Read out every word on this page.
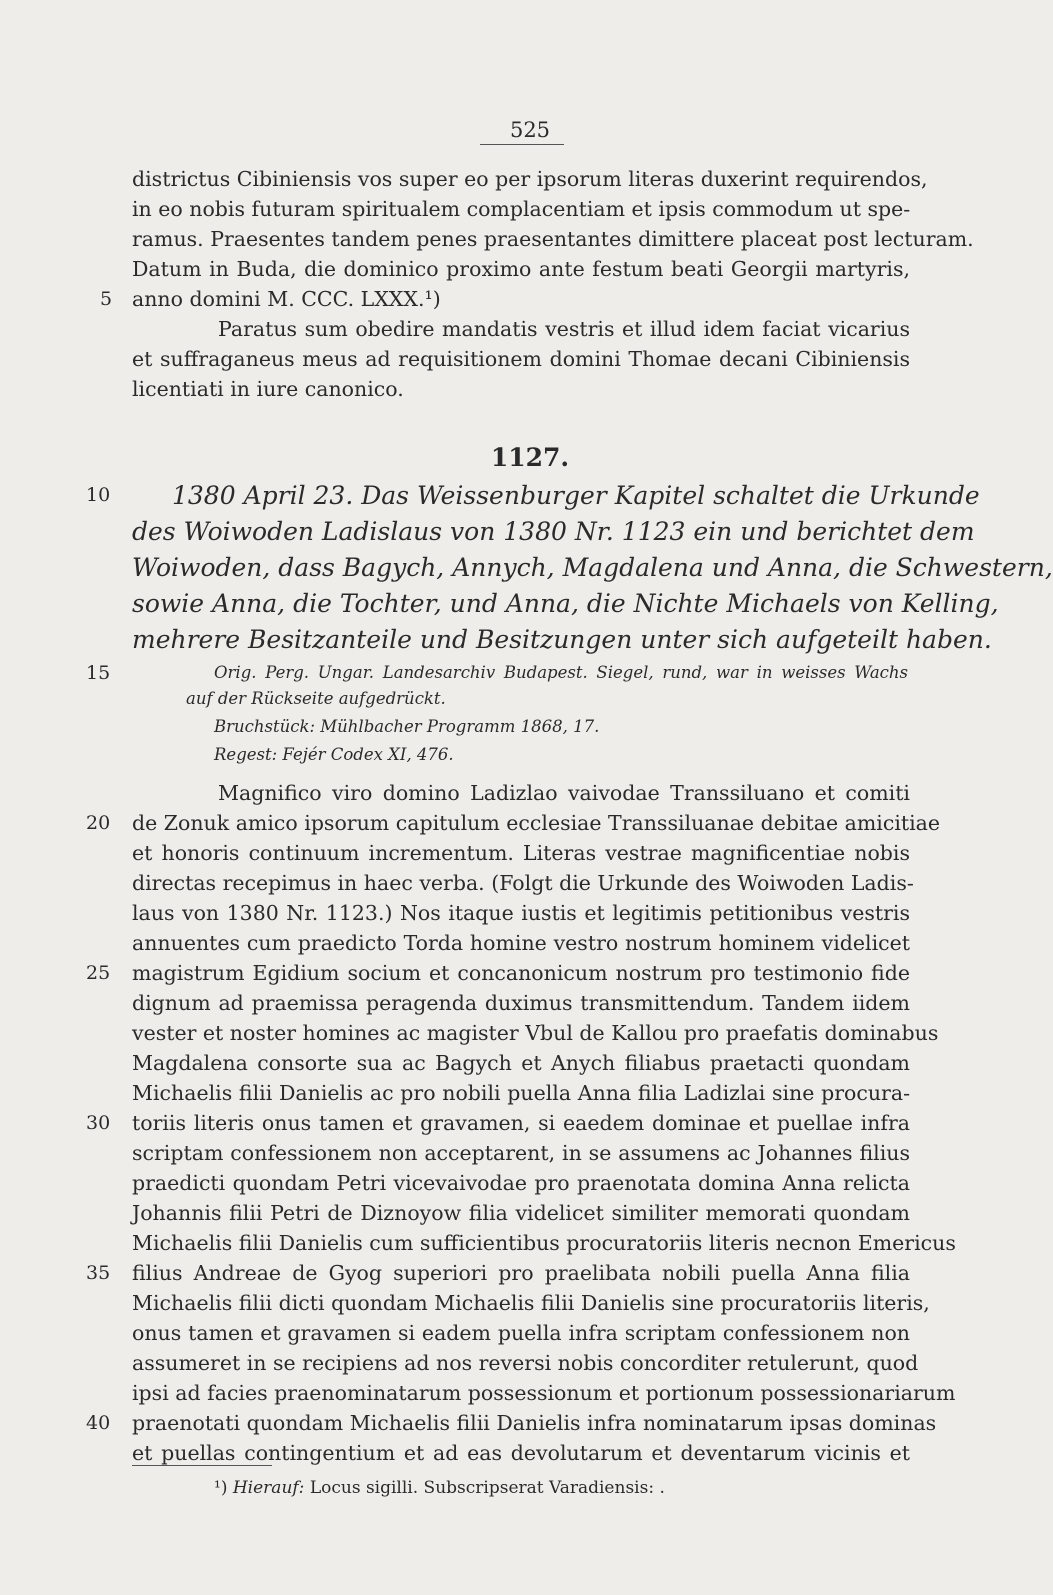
525
districtus Cibiniensis vos super eo per ipsorum literas duxerint requirendos,
in eo nobis futuram spiritualem complacentiam et ipsis commodum ut spe-
ramus. Praesentes tandem penes praesentantes dimittere placeat post lecturam.
Datum in Buda, die dominico proximo ante festum beati Georgii martyris,
anno domini M. CCC. LXXX.¹)
Paratus sum obedire mandatis vestris et illud idem faciat vicarius
et suffraganeus meus ad requisitionem domini Thomae decani Cibiniensis
licentiati in iure canonico.
1127.
1380 April 23. Das Weissenburger Kapitel schaltet die Urkunde
des Woiwoden Ladislaus von 1380 Nr. 1123 ein und berichtet dem
Woiwoden, dass Bagych, Annych, Magdalena und Anna, die Schwestern,
sowie Anna, die Tochter, und Anna, die Nichte Michaels von Kelling,
mehrere Besitzanteile und Besitzungen unter sich aufgeteilt haben.
Orig. Perg. Ungar. Landesarchiv Budapest. Siegel, rund, war in weisses Wachs
auf der Rückseite aufgedrückt.
Bruchstück: Mühlbacher Programm 1868, 17.
Regest: Fejér Codex XI, 476.
Magnifico viro domino Ladizlao vaivodae Transsiluano et comiti
de Zonuk amico ipsorum capitulum ecclesiae Transsiluanae debitae amicitiae
et honoris continuum incrementum. Literas vestrae magnificentiae nobis
directas recepimus in haec verba. (Folgt die Urkunde des Woiwoden Ladis-
laus von 1380 Nr. 1123.) Nos itaque iustis et legitimis petitionibus vestris
annuentes cum praedicto Torda homine vestro nostrum hominem videlicet
magistrum Egidium socium et concanonicum nostrum pro testimonio fide
dignum ad praemissa peragenda duximus transmittendum. Tandem iidem
vester et noster homines ac magister Vbul de Kallou pro praefatis dominabus
Magdalena consorte sua ac Bagych et Anych filiabus praetacti quondam
Michaelis filii Danielis ac pro nobili puella Anna filia Ladizlai sine procura-
toriis literis onus tamen et gravamen, si eaedem dominae et puellae infra
scriptam confessionem non acceptarent, in se assumens ac Johannes filius
praedicti quondam Petri vicevaivodae pro praenotata domina Anna relicta
Johannis filii Petri de Diznoyow filia videlicet similiter memorati quondam
Michaelis filii Danielis cum sufficientibus procuratoriis literis necnon Emericus
filius Andreae de Gyog superiori pro praelibata nobili puella Anna filia
Michaelis filii dicti quondam Michaelis filii Danielis sine procuratoriis literis,
onus tamen et gravamen si eadem puella infra scriptam confessionem non
assumeret in se recipiens ad nos reversi nobis concorditer retulerunt, quod
ipsi ad facies praenominatarum possessionum et portionum possessionariarum
praenotati quondam Michaelis filii Danielis infra nominatarum ipsas dominas
et puellas contingentium et ad eas devolutarum et deventarum vicinis et
5
10
15
20
25
30
35
40
¹) Hierauf: Locus sigilli. Subscripserat Varadiensis: .
